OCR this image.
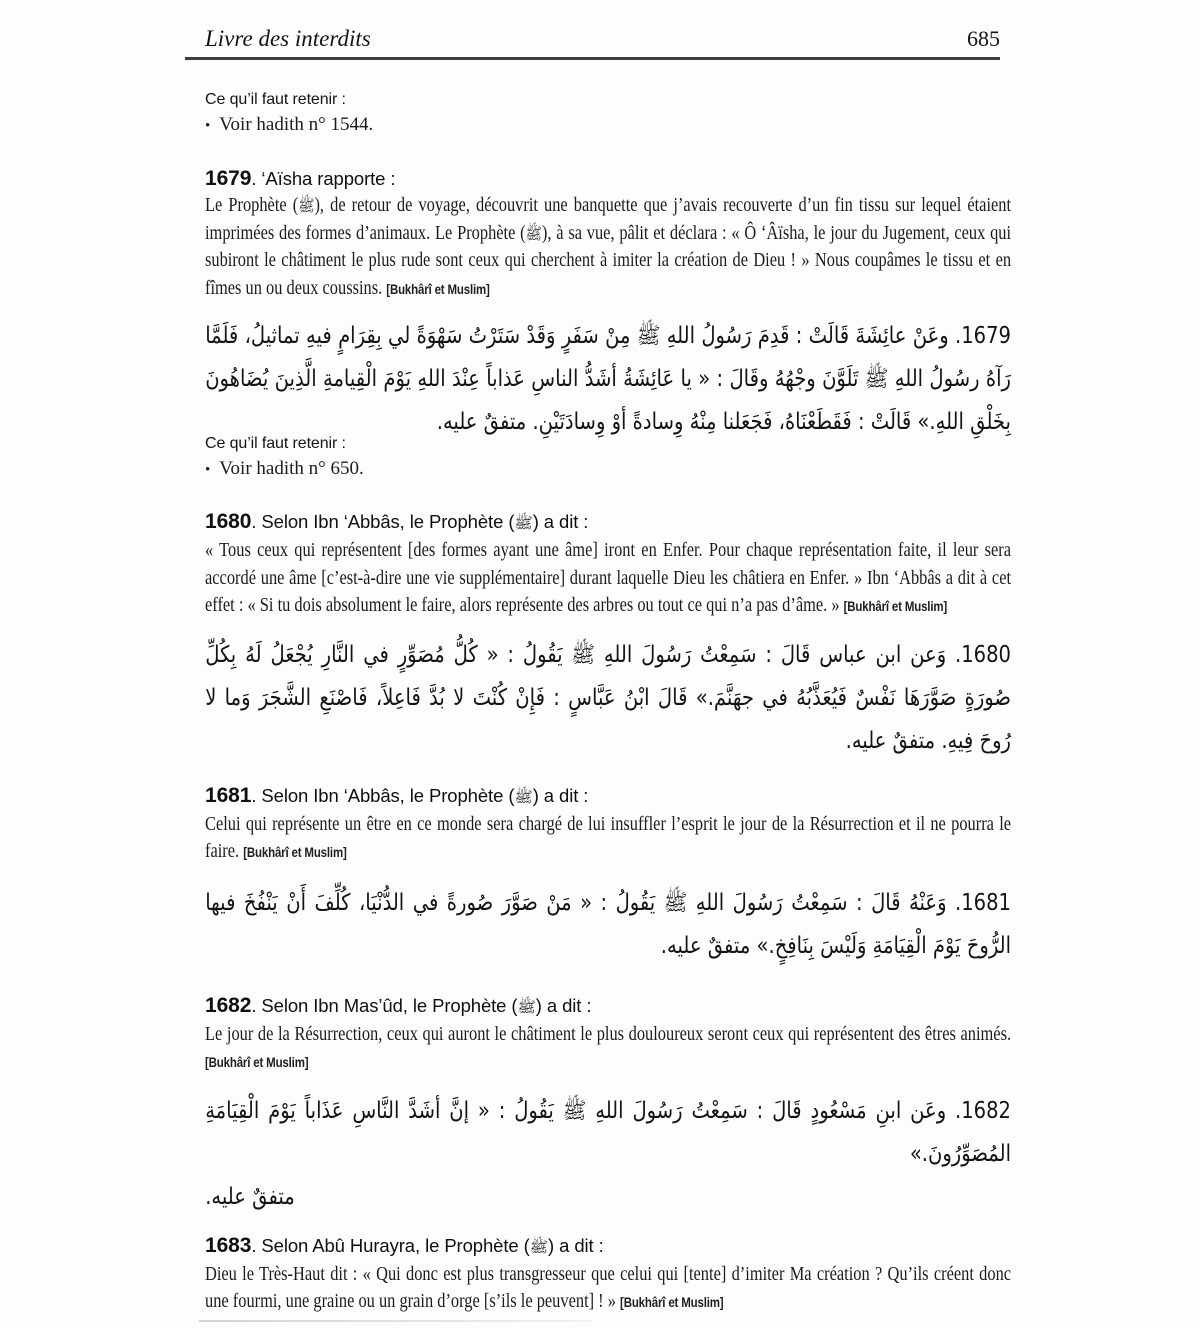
Livre des interdits	685
Ce qu’il faut retenir :
• Voir hadith n° 1544.
1679. ‘Aïsha rapporte :

Le Prophète (ﷺ), de retour de voyage, découvrit une banquette que j’avais recouverte d’un fin tissu sur lequel étaient imprimées des formes d’animaux. Le Prophète (ﷺ), à sa vue, pâlit et déclara : « Ô ‘Âïsha, le jour du Jugement, ceux qui subiront le châtiment le plus rude sont ceux qui cherchent à imiter la création de Dieu ! » Nous coupâmes le tissu et en fîmes un ou deux coussins. [Bukhârî et Muslim]

1679. وعَنْ عائِشَةَ قَالَتْ : قَدِمَ رَسُولُ اللهِ ﷺ مِنْ سَفَرٍ وَقَدْ سَتَرْتُ سَهْوَةً لي بِقِرَامٍ فيهِ تماثيلُ، فَلَمَّا رَآهُ رسُولُ اللهِ ﷺ تَلَوَّنَ وجْهُهُ وقَالَ : « يا عَائِشَةُ أشَدُّ الناسِ عَذاباً عِنْدَ اللهِ يَوْمَ الْقِيامةِ الَّذِينَ يُضَاهُونَ بِخَلْقِ اللهِ.» قَالَتْ : فَقَطَعْنَاهُ، فَجَعَلنا مِنْهُ وِسادةً أوْ وِسادَتَيْنِ. متفقٌ عليه.

Ce qu’il faut retenir :
• Voir hadith n° 650.
1680. Selon Ibn ‘Abbâs, le Prophète (ﷺ) a dit :

« Tous ceux qui représentent [des formes ayant une âme] iront en Enfer. Pour chaque représentation faite, il leur sera accordé une âme [c’est-à-dire une vie supplémentaire] durant laquelle Dieu les châtiera en Enfer. » Ibn ‘Abbâs a dit à cet effet : « Si tu dois absolument le faire, alors représente des arbres ou tout ce qui n’a pas d’âme. » [Bukhârî et Muslim]

1680. وَعن ابن عباس قَالَ : سَمِعْتُ رَسُولَ اللهِ ﷺ يَقُولُ : « كُلُّ مُصَوِّرٍ في النَّارِ يُجْعَلُ لَهُ بِكُلِّ صُورَةٍ صَوَّرَهَا نَفْسٌ فَيُعَذَّبُهُ في جهَنَّمَ.» قَالَ ابْنُ عَبَّاسٍ : فَإِنْ كُنْتَ لا بُدَّ فَاعِلاً، فَاصْنَعِ الشَّجَرَ وَما لا رُوحَ فِيهِ. متفقٌ عليه.

1681. Selon Ibn ‘Abbâs, le Prophète (ﷺ) a dit :

Celui qui représente un être en ce monde sera chargé de lui insuffler l’esprit le jour de la Résurrection et il ne pourra le faire. [Bukhârî et Muslim]

1681. وَعَنْهُ قَالَ : سَمِعْتُ رَسُولَ اللهِ ﷺ يَقُولُ : « مَنْ صَوَّرَ صُورةً في الدُّنْيَا، كُلِّفَ أَنْ يَنْفُخَ فيها الرُّوحَ يَوْمَ الْقِيَامَةِ وَلَيْسَ بِنَافِخٍ.» متفقٌ عليه.

1682. Selon Ibn Mas’ûd, le Prophète (ﷺ) a dit :

Le jour de la Résurrection, ceux qui auront le châtiment le plus douloureux seront ceux qui représentent des êtres animés. [Bukhârî et Muslim]

1682. وعَن ابنِ مَسْعُودٍ قَالَ : سَمِعْتُ رَسُولَ اللهِ ﷺ يَقُولُ : « إنَّ أشَدَّ النَّاسِ عَذَاباً يَوْمَ الْقِيَامَةِ المُصَوِّرُونَ.»

متفقٌ عليه.

1683. Selon Abû Hurayra, le Prophète (ﷺ) a dit :

Dieu le Très-Haut dit : « Qui donc est plus transgresseur que celui qui [tente] d’imiter Ma création ? Qu’ils créent donc une fourmi, une graine ou un grain d’orge [s’ils le peuvent] ! » [Bukhârî et Muslim]
